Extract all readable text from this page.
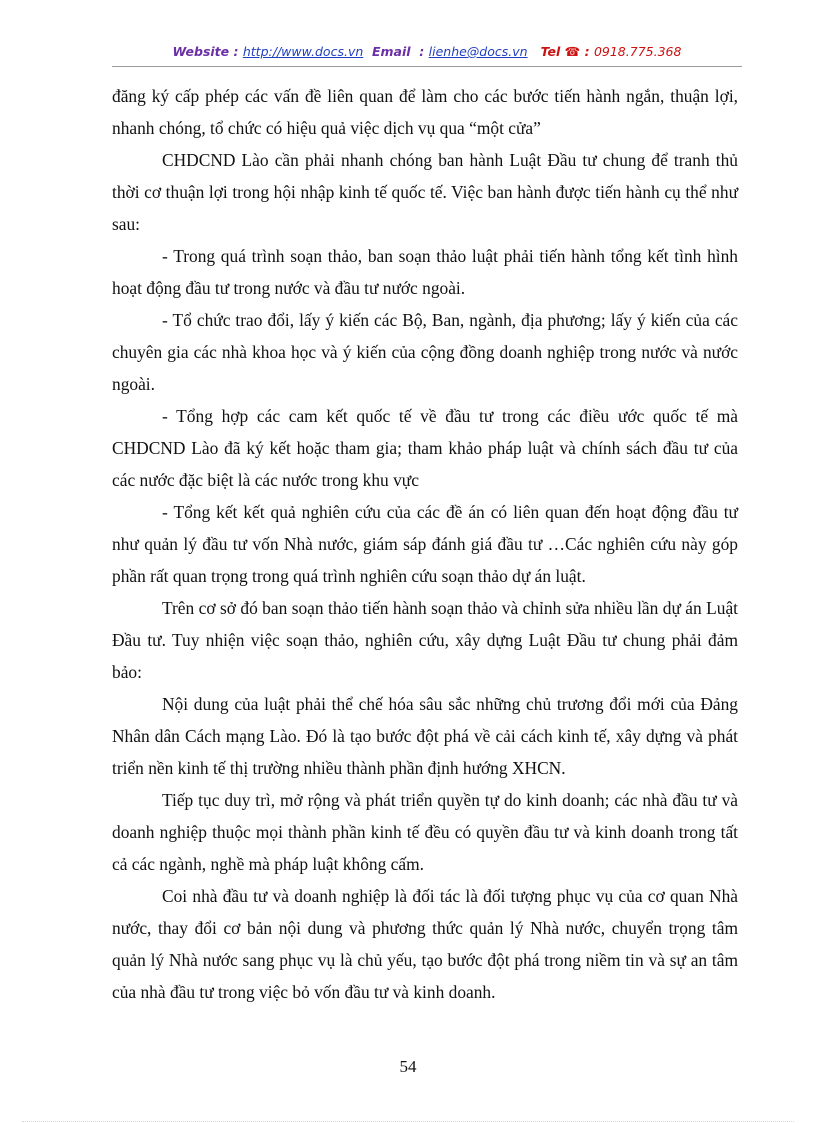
Website : http://www.docs.vn Email : lienhe@docs.vn Tel ☎ : 0918.775.368

đăng ký cấp phép các vấn đề liên quan để làm cho các bước tiến hành ngắn, thuận lợi, nhanh chóng, tổ chức có hiệu quả việc dịch vụ qua “một cửa”

CHDCND Lào cần phải nhanh chóng ban hành Luật Đầu tư chung để tranh thủ thời cơ thuận lợi trong hội nhập kinh tế quốc tế. Việc ban hành được tiến hành cụ thể như sau:

- Trong quá trình soạn thảo, ban soạn thảo luật phải tiến hành tổng kết tình hình hoạt động đầu tư trong nước và đầu tư nước ngoài.

- Tổ chức trao đổi, lấy ý kiến các Bộ, Ban, ngành, địa phương; lấy ý kiến của các chuyên gia các nhà khoa học và ý kiến của cộng đồng doanh nghiệp trong nước và nước ngoài.

- Tổng hợp các cam kết quốc tế về đầu tư trong các điều ước quốc tế mà CHDCND Lào đã ký kết hoặc tham gia; tham khảo pháp luật và chính sách đầu tư của các nước đặc biệt là các nước trong khu vực

- Tổng kết kết quả nghiên cứu của các đề án có liên quan đến hoạt động đầu tư như quản lý đầu tư vốn Nhà nước, giám sáp đánh giá đầu tư …Các nghiên cứu này góp phần rất quan trọng trong quá trình nghiên cứu soạn thảo dự án luật.

Trên cơ sở đó ban soạn thảo tiến hành soạn thảo và chỉnh sửa nhiều lần dự án Luật Đầu tư. Tuy nhiện việc soạn thảo, nghiên cứu, xây dựng Luật Đầu tư chung phải đảm bảo:

Nội dung của luật phải thể chế hóa sâu sắc những chủ trương đổi mới của Đảng Nhân dân Cách mạng Lào. Đó là tạo bước đột phá về cải cách kinh tế, xây dựng và phát triển nền kinh tế thị trường nhiều thành phần định hướng XHCN.

Tiếp tục duy trì, mở rộng và phát triển quyền tự do kinh doanh; các nhà đầu tư và doanh nghiệp thuộc mọi thành phần kinh tế đều có quyền đầu tư và kinh doanh trong tất cả các ngành, nghề mà pháp luật không cấm.

Coi nhà đầu tư và doanh nghiệp là đối tác là đối tượng phục vụ của cơ quan Nhà nước, thay đổi cơ bản nội dung và phương thức quản lý Nhà nước, chuyển trọng tâm quản lý Nhà nước sang phục vụ là chủ yếu, tạo bước đột phá trong niềm tin và sự an tâm của nhà đầu tư trong việc bỏ vốn đầu tư và kinh doanh.

54
